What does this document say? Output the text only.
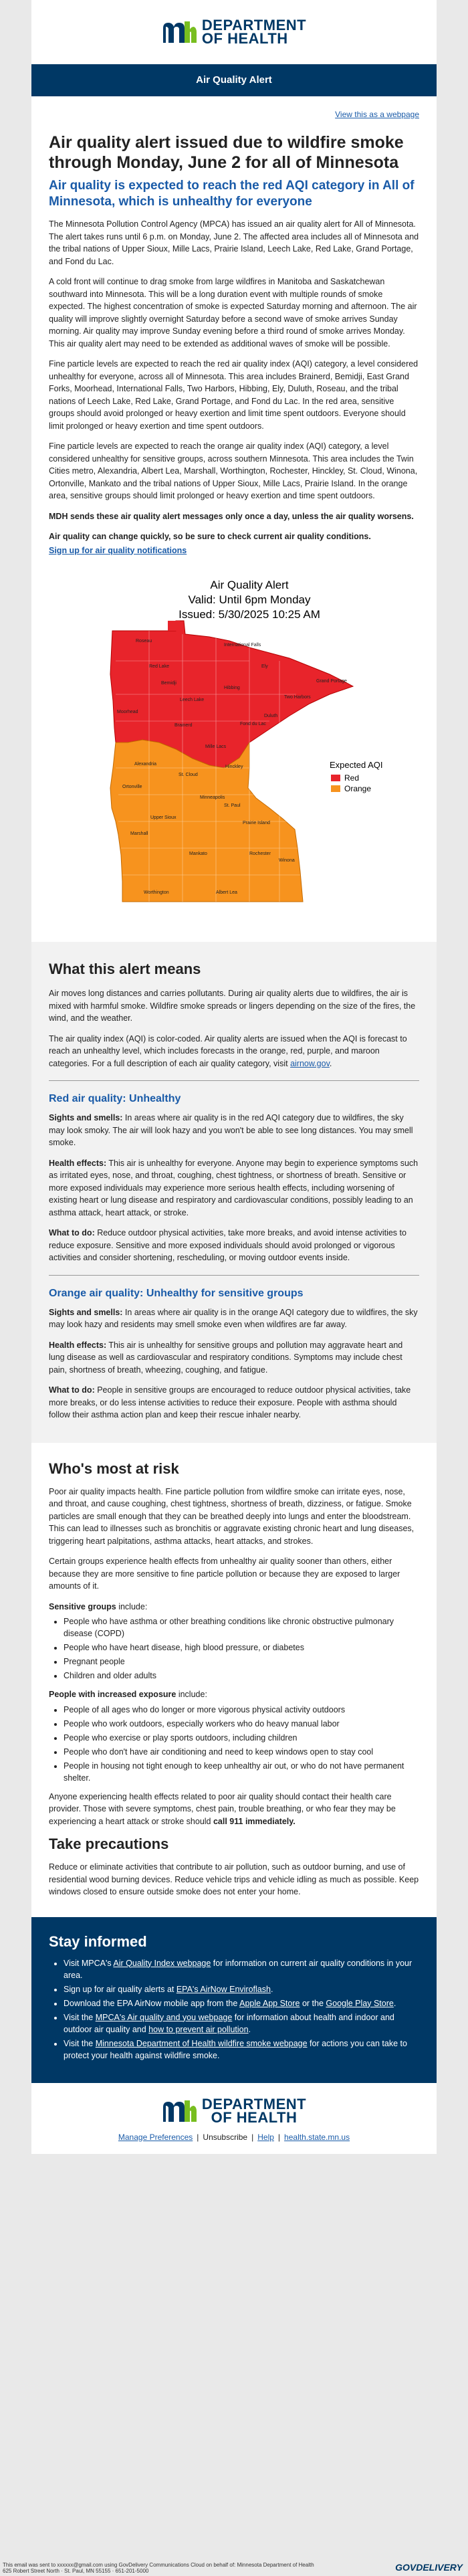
DEPARTMENT
OF HEALTH
Air Quality Alert
View this as a webpage
Air quality alert issued due to wildfire smoke through Monday, June 2 for all of Minnesota
Air quality is expected to reach the red AQI category in All of Minnesota, which is unhealthy for everyone

The Minnesota Pollution Control Agency (MPCA) has issued an air quality alert for All of Minnesota. The alert takes runs until 6 p.m. on Monday, June 2. The affected area includes all of Minnesota and the tribal nations of Upper Sioux, Mille Lacs, Prairie Island, Leech Lake, Red Lake, Grand Portage, and Fond du Lac.

A cold front will continue to drag smoke from large wildfires in Manitoba and Saskatchewan southward into Minnesota. This will be a long duration event with multiple rounds of smoke expected. The highest concentration of smoke is expected Saturday morning and afternoon. The air quality will improve slightly overnight Saturday before a second wave of smoke arrives Sunday morning. Air quality may improve Sunday evening before a third round of smoke arrives Monday. This air quality alert may need to be extended as additional waves of smoke will be possible.

Fine particle levels are expected to reach the red air quality index (AQI) category, a level considered unhealthy for everyone, across all of Minnesota. This area includes Brainerd, Bemidji, East Grand Forks, Moorhead, International Falls, Two Harbors, Hibbing, Ely, Duluth, Roseau, and the tribal nations of Leech Lake, Red Lake, Grand Portage, and Fond du Lac. In the red area, sensitive groups should avoid prolonged or heavy exertion and limit time spent outdoors. Everyone should limit prolonged or heavy exertion and time spent outdoors.

Fine particle levels are expected to reach the orange air quality index (AQI) category, a level considered unhealthy for sensitive groups, across southern Minnesota. This area includes the Twin Cities metro, Alexandria, Albert Lea, Marshall, Worthington, Rochester, Hinckley, St. Cloud, Winona, Ortonville, Mankato and the tribal nations of Upper Sioux, Mille Lacs, Prairie Island. In the orange area, sensitive groups should limit prolonged or heavy exertion and time spent outdoors.

MDH sends these air quality alert messages only once a day, unless the air quality worsens.

Air quality can change quickly, so be sure to check current air quality conditions.

Sign up for air quality notifications

Air Quality Alert
Valid: Until 6pm Monday
Issued: 5/30/2025 10:25 AM
International Falls
Roseau
Red Lake
Bemidji
Hibbing
Ely
Two Harbors
Duluth
Grand Portage
Moorhead
Brainerd	Fond du Lac
Alexandria
St. Cloud
Mille Lacs
Hinckley
Ortonville
Minneapolis
St. Paul
Marshall
Mankato	Rochester
Winona
Worthington	Albert Lea
Upper Sioux
Prairie Island
Leech Lake
Expected AQI
Red
Orange
What this alert means

Air moves long distances and carries pollutants. During air quality alerts due to wildfires, the air is mixed with harmful smoke. Wildfire smoke spreads or lingers depending on the size of the fires, the wind, and the weather.

The air quality index (AQI) is color-coded. Air quality alerts are issued when the AQI is forecast to reach an unhealthy level, which includes forecasts in the orange, red, purple, and maroon categories. For a full description of each air quality category, visit airnow.gov.

Red air quality: Unhealthy

Sights and smells: In areas where air quality is in the red AQI category due to wildfires, the sky may look smoky. The air will look hazy and you won't be able to see long distances. You may smell smoke.

Health effects: This air is unhealthy for everyone. Anyone may begin to experience symptoms such as irritated eyes, nose, and throat, coughing, chest tightness, or shortness of breath. Sensitive or more exposed individuals may experience more serious health effects, including worsening of existing heart or lung disease and respiratory and cardiovascular conditions, possibly leading to an asthma attack, heart attack, or stroke.

What to do: Reduce outdoor physical activities, take more breaks, and avoid intense activities to reduce exposure. Sensitive and more exposed individuals should avoid prolonged or vigorous activities and consider shortening, rescheduling, or moving outdoor events inside.

Orange air quality: Unhealthy for sensitive groups

Sights and smells: In areas where air quality is in the orange AQI category due to wildfires, the sky may look hazy and residents may smell smoke even when wildfires are far away.

Health effects: This air is unhealthy for sensitive groups and pollution may aggravate heart and lung disease as well as cardiovascular and respiratory conditions. Symptoms may include chest pain, shortness of breath, wheezing, coughing, and fatigue.

What to do: People in sensitive groups are encouraged to reduce outdoor physical activities, take more breaks, or do less intense activities to reduce their exposure. People with asthma should follow their asthma action plan and keep their rescue inhaler nearby.

Who's most at risk

Poor air quality impacts health. Fine particle pollution from wildfire smoke can irritate eyes, nose, and throat, and cause coughing, chest tightness, shortness of breath, dizziness, or fatigue. Smoke particles are small enough that they can be breathed deeply into lungs and enter the bloodstream. This can lead to illnesses such as bronchitis or aggravate existing chronic heart and lung diseases, triggering heart palpitations, asthma attacks, heart attacks, and strokes.

Certain groups experience health effects from unhealthy air quality sooner than others, either because they are more sensitive to fine particle pollution or because they are exposed to larger amounts of it.

Sensitive groups include:

• People who have asthma or other breathing conditions like chronic obstructive pulmonary disease (COPD)
• People who have heart disease, high blood pressure, or diabetes
• Pregnant people
• Children and older adults

People with increased exposure include:

• People of all ages who do longer or more vigorous physical activity outdoors
• People who work outdoors, especially workers who do heavy manual labor
• People who exercise or play sports outdoors, including children
• People who don't have air conditioning and need to keep windows open to stay cool
• People in housing not tight enough to keep unhealthy air out, or who do not have permanent shelter.

Anyone experiencing health effects related to poor air quality should contact their health care provider. Those with severe symptoms, chest pain, trouble breathing, or who fear they may be experiencing a heart attack or stroke should call 911 immediately.

Take precautions

Reduce or eliminate activities that contribute to air pollution, such as outdoor burning, and use of residential wood burning devices. Reduce vehicle trips and vehicle idling as much as possible. Keep windows closed to ensure outside smoke does not enter your home.

Stay informed
• Visit MPCA's Air Quality Index webpage for information on current air quality conditions in your area.
• Sign up for air quality alerts at EPA's AirNow Enviroflash.
• Download the EPA AirNow mobile app from the Apple App Store or the Google Play Store.
• Visit the MPCA's Air quality and you webpage for information about health and indoor and outdoor air quality and how to prevent air pollution.
• Visit the Minnesota Department of Health wildfire smoke webpage for actions you can take to protect your health against wildfire smoke.
DEPARTMENT
OF HEALTH
Manage Preferences | Unsubscribe | Help | health.state.mn.us
This email was sent to xxxxxx@gmail.com using GovDelivery Communications Cloud on behalf of: Minnesota Department of Health
625 Robert Street North · St. Paul, MN 55155 · 651-201-5000	GOVDELIVERY
